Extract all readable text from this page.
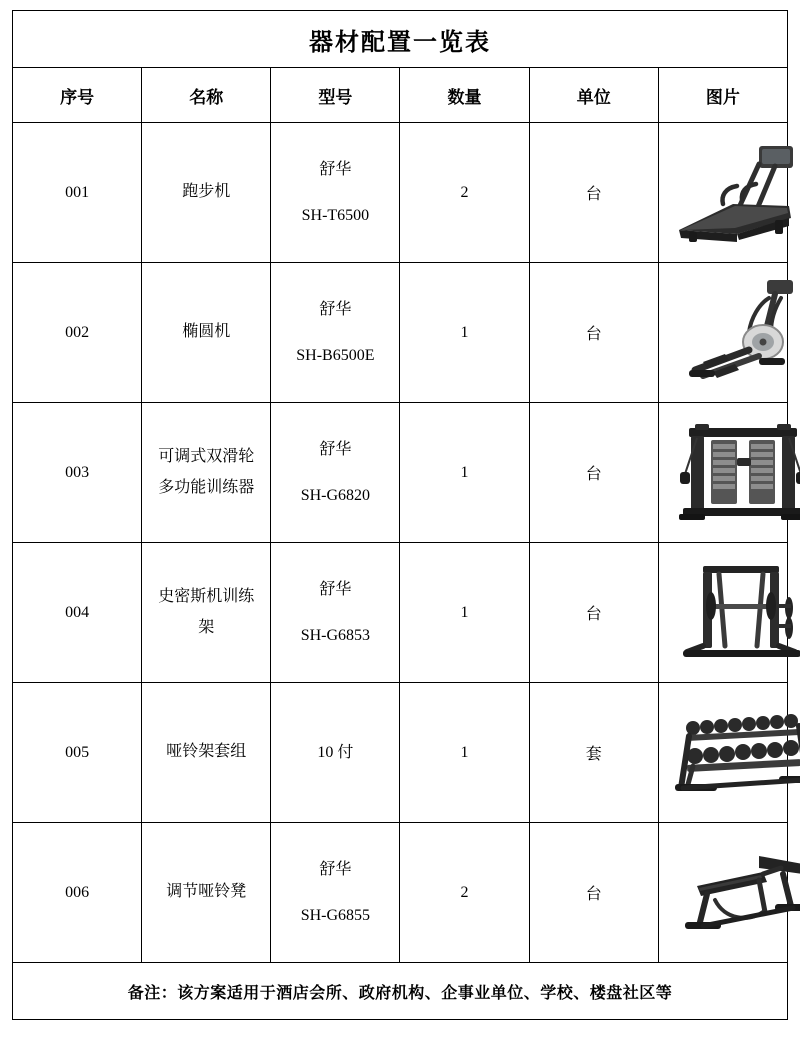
器材配置一览表					
序号	名称	型号	数量	单位	图片
001	跑步机	舒华
SH-T6500	2	台	

002	椭圆机	舒华
SH-B6500E	1	台	

003	可调式双滑轮
多功能训练器	舒华
SH-G6820	1	台	

004	史密斯机训练
架	舒华
SH-G6853	1	台	

005	哑铃架套组	10 付	1	套	

006	调节哑铃凳	舒华
SH-G6855	2	台	

备注：该方案适用于酒店会所、政府机构、企事业单位、学校、楼盘社区等					
